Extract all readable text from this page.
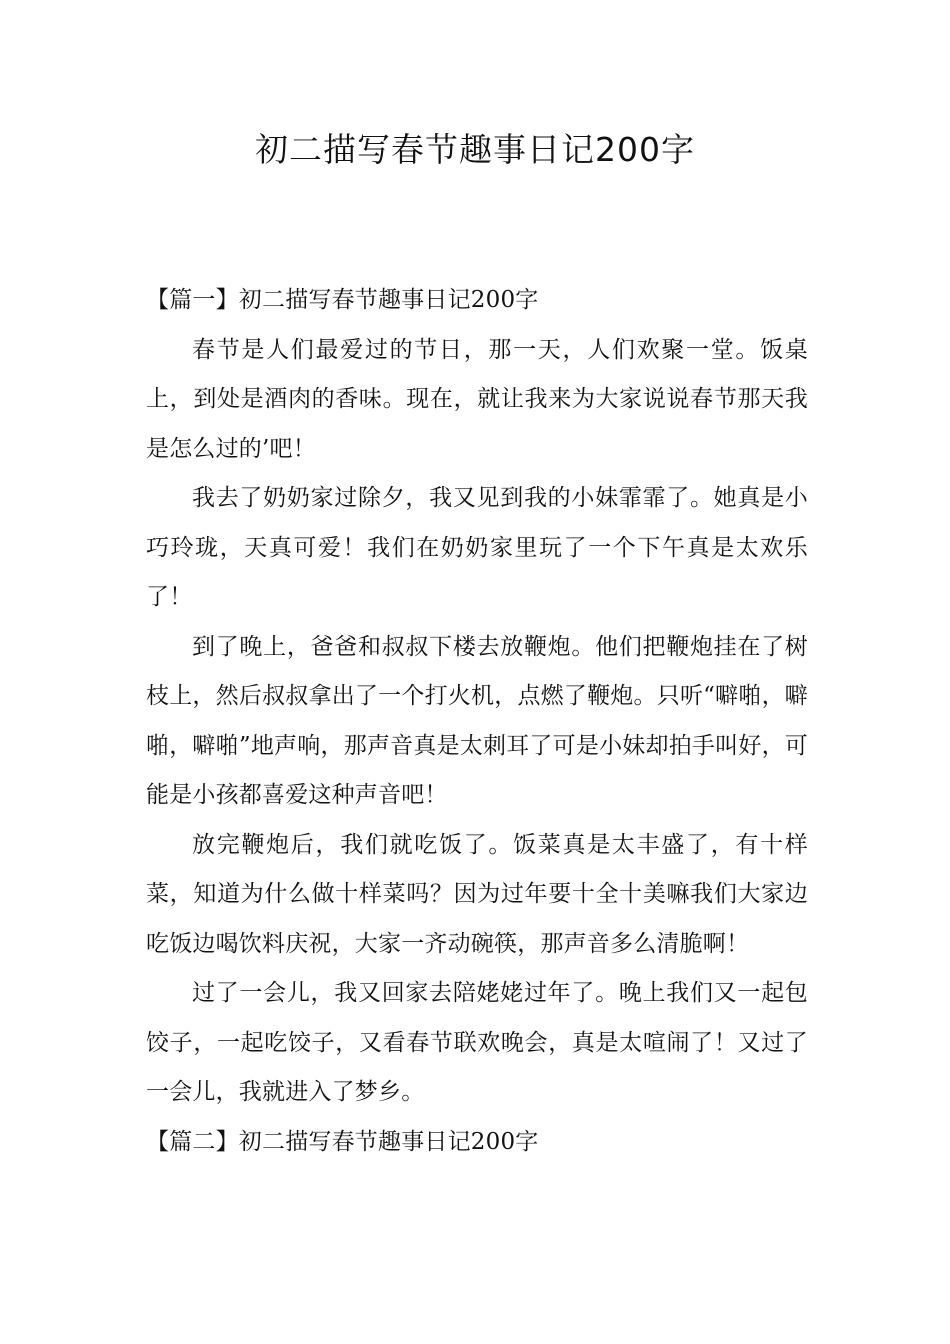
初二描写春节趣事日记200字
【篇一】初二描写春节趣事日记200字

春节是人们最爱过的节日，那一天，人们欢聚一堂。饭桌上，到处是酒肉的香味。现在，就让我来为大家说说春节那天我是怎么过的’吧！

我去了奶奶家过除夕，我又见到我的小妹霏霏了。她真是小巧玲珑，天真可爱！我们在奶奶家里玩了一个下午真是太欢乐了！

到了晚上，爸爸和叔叔下楼去放鞭炮。他们把鞭炮挂在了树枝上，然后叔叔拿出了一个打火机，点燃了鞭炮。只听“噼啪，噼啪，噼啪”地声响，那声音真是太刺耳了可是小妹却拍手叫好，可能是小孩都喜爱这种声音吧！

放完鞭炮后，我们就吃饭了。饭菜真是太丰盛了，有十样菜，知道为什么做十样菜吗？因为过年要十全十美嘛我们大家边吃饭边喝饮料庆祝，大家一齐动碗筷，那声音多么清脆啊！

过了一会儿，我又回家去陪姥姥过年了。晚上我们又一起包饺子，一起吃饺子，又看春节联欢晚会，真是太喧闹了！又过了一会儿，我就进入了梦乡。

【篇二】初二描写春节趣事日记200字
